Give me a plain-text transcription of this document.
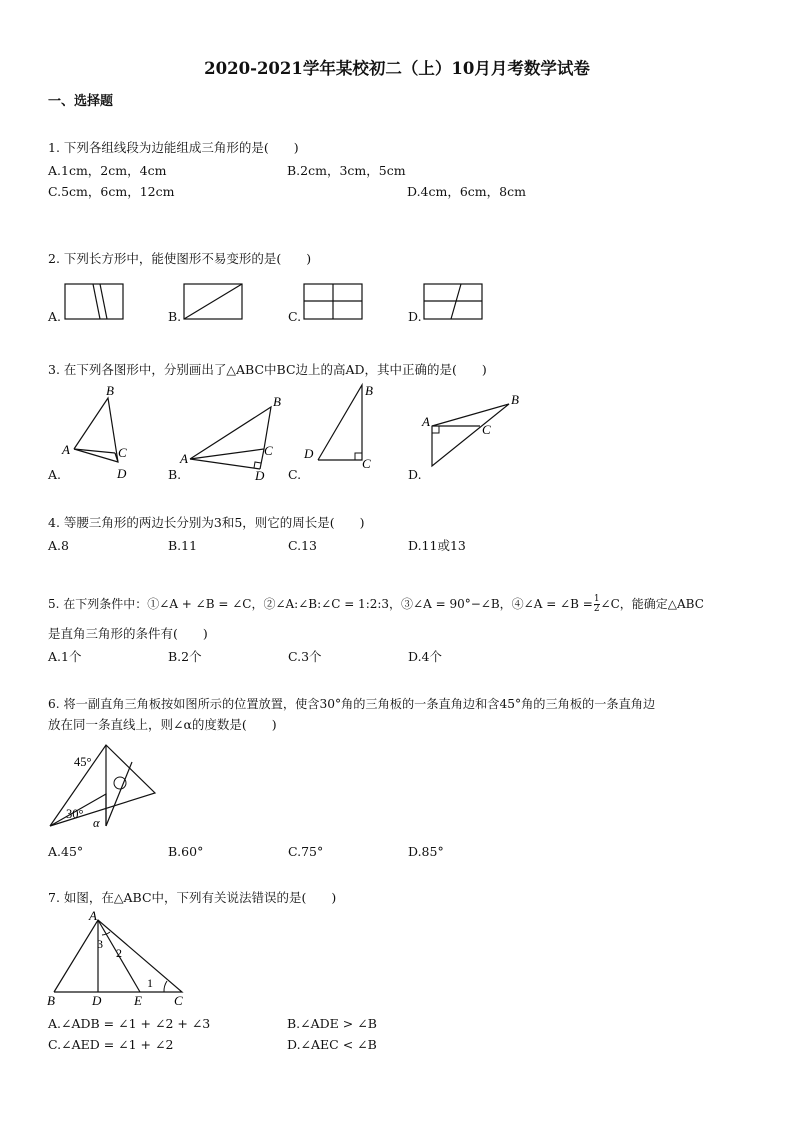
2020-2021学年某校初二（上）10月月考数学试卷
一、选择题
1. 下列各组线段为边能组成三角形的是(　　)
A.1cm，2cm，4cm	B.2cm，3cm，5cm
C.5cm，6cm，12cm	D.4cm，6cm，8cm
2. 下列长方形中，能使图形不易变形的是(　　)
A.	B.	C.	D.
3. 在下列各图形中，分别画出了△ABC中BC边上的高AD，其中正确的是(　　)
A.
B
A	C
D	B.
B
A
C
D C.
B
D
C
D.
B
A
C
4. 等腰三角形的两边长分别为3和5，则它的周长是(　　)
A.8	B.11	C.13	D.11或13
5. 在下列条件中：①∠A + ∠B = ∠C，②∠A:∠B:∠C = 1:2:3，③∠A = 90°−∠B，④∠A = ∠B = $\frac{1}{2}$ ∠C，能确定△ABC
是直角三角形的条件有(　　)
A.1个	B.2个	C.3个	D.4个
6. 将一副直角三角板按如图所示的位置放置，使含30°角的三角板的一条直角边和含45°角的三角板的一条直角边
放在同一条直线上，则∠α的度数是(　　)
45°
30°
α
A.45°	B.60°	C.75°	D.85°
7. 如图，在△ABC中，下列有关说法错误的是(　　)
A
B	D	E C
1
2
3
A.∠ADB = ∠1 + ∠2 + ∠3	B.∠ADE > ∠B
C.∠AED = ∠1 + ∠2	D.∠AEC < ∠B
